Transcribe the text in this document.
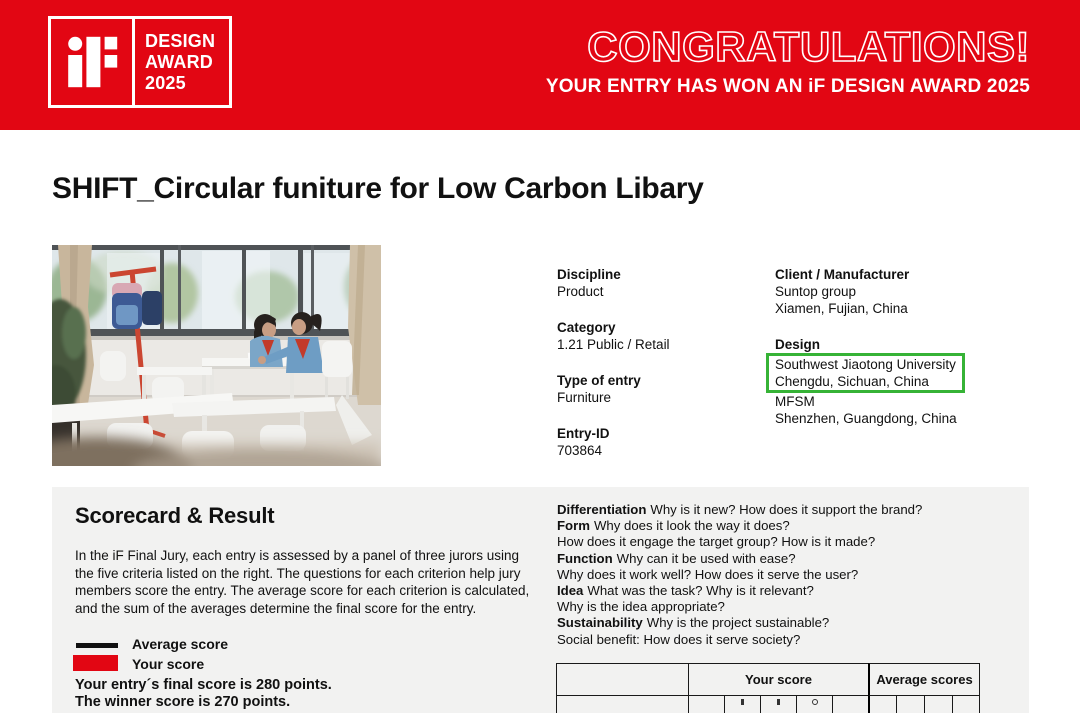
DESIGN
AWARD
2025
CONGRATULATIONS!
YOUR ENTRY HAS WON AN iF DESIGN AWARD 2025
SHIFT_Circular funiture for Low Carbon Libary
Discipline
Product
Category
1.21 Public / Retail
Type of entry
Furniture
Entry-ID
703864
Client / Manufacturer
Suntop group
Xiamen, Fujian, China
Design
Southwest Jiaotong University
Chengdu, Sichuan, China
MFSM
Shenzhen, Guangdong, China
Scorecard & Result

In the iF Final Jury, each entry is assessed by a panel of three jurors using the five criteria listed on the right. The questions for each criterion help jury members score the entry. The average score for each criterion is calculated, and the sum of the averages determine the final score for the entry.

Average score
Your score
Your entry´s final score is 280 points.
The winner score is 270 points.
Differentiation Why is it new? How does it support the brand?
Form Why does it look the way it does?
How does it engage the target group? How is it made?
Function Why can it be used with ease?
Why does it work well? How does it serve the user?
Idea What was the task? Why is it relevant?
Why is the idea appropriate?
Sustainability Why is the project sustainable?
Social benefit: How does it serve society?
Your score	Average scores
